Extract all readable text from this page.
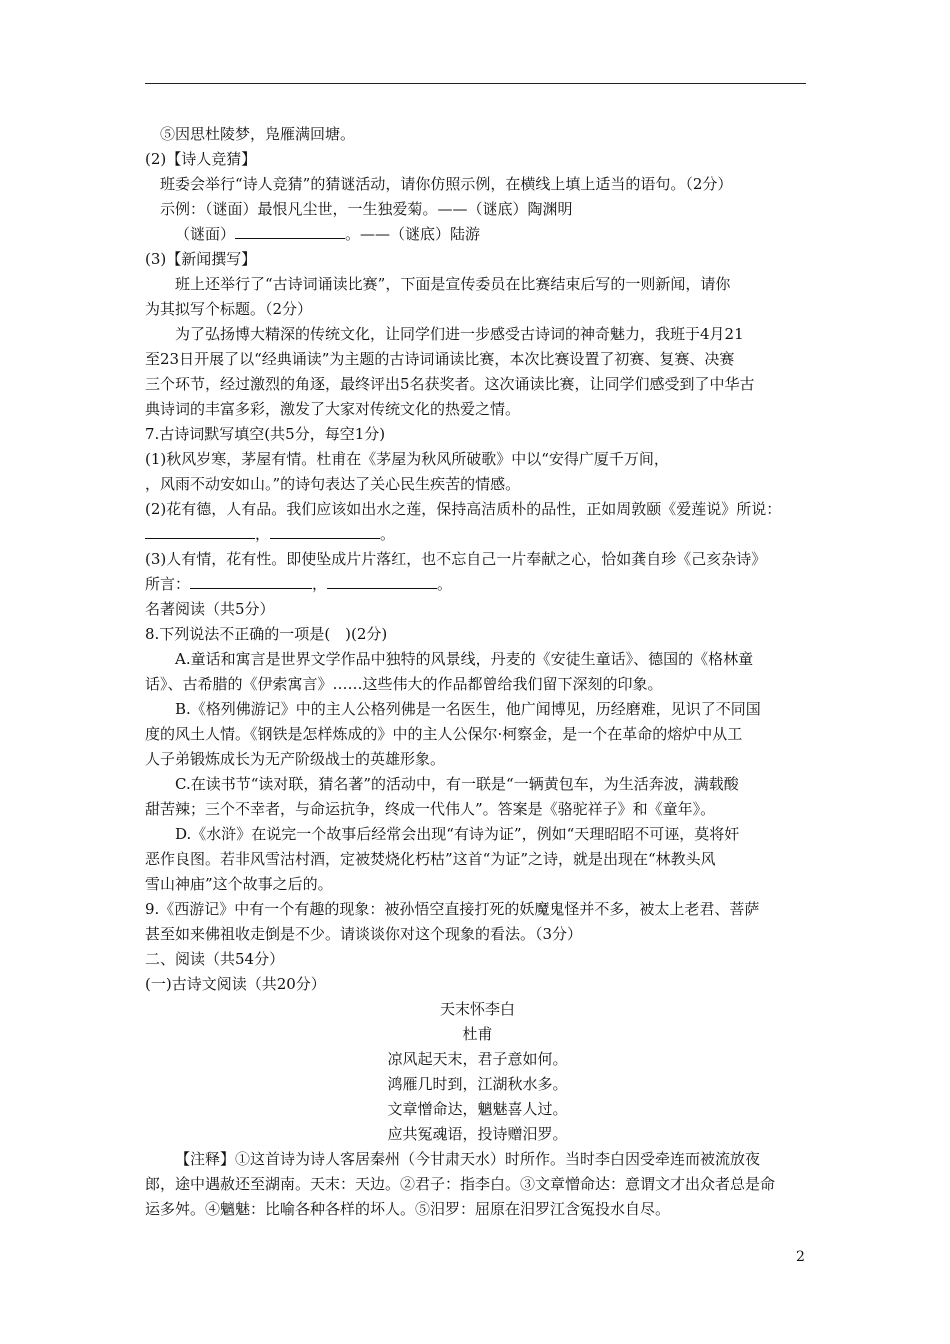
⑤因思杜陵梦，凫雁满回塘。
(2)【诗人竞猜】
班委会举行“诗人竞猜”的猜谜活动，请你仿照示例，在横线上填上适当的语句。（2分）
示例：（谜面）最恨凡尘世，一生独爱菊。——（谜底）陶渊明
（谜面）	。——（谜底）陆游
(3)【新闻撰写】
班上还举行了“古诗词诵读比赛”，下面是宣传委员在比赛结束后写的一则新闻，请你
为其拟写个标题。（2分）
为了弘扬博大精深的传统文化，让同学们进一步感受古诗词的神奇魅力，我班于4月21
至23日开展了以“经典诵读”为主题的古诗词诵读比赛，本次比赛设置了初赛、复赛、决赛
三个环节，经过激烈的角逐，最终评出5名获奖者。这次诵读比赛，让同学们感受到了中华古
典诗词的丰富多彩，激发了大家对传统文化的热爱之情。
7.古诗词默写填空(共5分，每空1分)
(1)秋风岁寒，茅屋有情。杜甫在《茅屋为秋风所破歌》中以“安得广厦千万间，
，风雨不动安如山。”的诗句表达了关心民生疾苦的情感。
(2)花有德，人有品。我们应该如出水之莲，保持高洁质朴的品性，正如周敦颐《爱莲说》所说：
，	。
(3)人有情，花有性。即使坠成片片落红，也不忘自己一片奉献之心，恰如龚自珍《己亥杂诗》
所言：	，	。
名著阅读（共5分）
8.下列说法不正确的一项是(　)(2分)
A.童话和寓言是世界文学作品中独特的风景线，丹麦的《安徒生童话》、德国的《格林童
话》、古希腊的《伊索寓言》……这些伟大的作品都曾给我们留下深刻的印象。
B.《格列佛游记》中的主人公格列佛是一名医生，他广闻博见，历经磨难，见识了不同国
度的风土人情。《钢铁是怎样炼成的》中的主人公保尔·柯察金，是一个在革命的熔炉中从工
人子弟锻炼成长为无产阶级战士的英雄形象。
C.在读书节“读对联，猜名著”的活动中，有一联是“一辆黄包车，为生活奔波，满载酸
甜苦辣；三个不幸者，与命运抗争，终成一代伟人”。答案是《骆驼祥子》和《童年》。
D.《水浒》在说完一个故事后经常会出现“有诗为证”，例如“天理昭昭不可诬，莫将奸
恶作良图。若非风雪沽村酒，定被焚烧化朽枯”这首“为证”之诗，就是出现在“林教头风
雪山神庙”这个故事之后的。
9.《西游记》中有一个有趣的现象：被孙悟空直接打死的妖魔鬼怪并不多，被太上老君、菩萨
甚至如来佛祖收走倒是不少。请谈谈你对这个现象的看法。（3分）
二、阅读（共54分）
(一)古诗文阅读（共20分）
天末怀李白
杜甫
凉风起天末，君子意如何。
鸿雁几时到，江湖秋水多。
文章憎命达，魑魅喜人过。
应共冤魂语，投诗赠汨罗。
【注释】①这首诗为诗人客居秦州（今甘肃天水）时所作。当时李白因受牵连而被流放夜
郎，途中遇赦还至湖南。天末：天边。②君子：指李白。③文章憎命达：意谓文才出众者总是命
运多舛。④魑魅：比喻各种各样的坏人。⑤汨罗：屈原在汨罗江含冤投水自尽。
2
